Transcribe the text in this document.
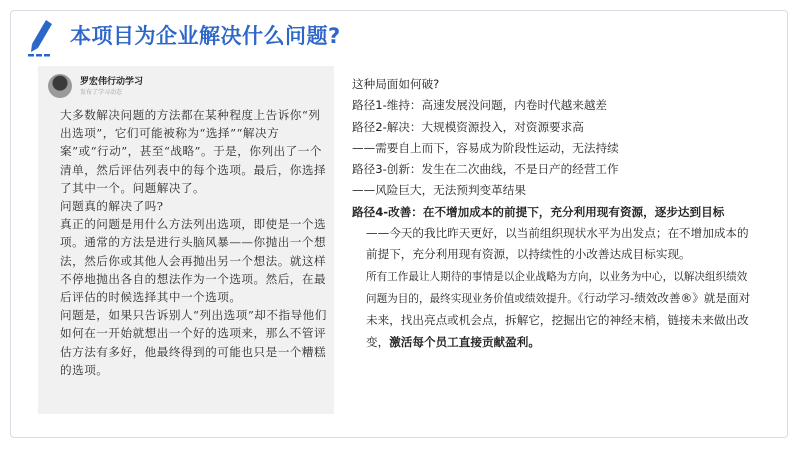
本项目为企业解决什么问题?
罗宏伟行动学习
发布了学习动态

大多数解决问题的方法都在某种程度上告诉你“列出选项”，它们可能被称为“选择”“解决方案”或“行动”，甚至“战略”。于是，你列出了一个清单，然后评估列表中的每个选项。最后，你选择了其中一个。问题解决了。

问题真的解决了吗?

真正的问题是用什么方法列出选项，即使是一个选项。通常的方法是进行头脑风暴——你抛出一个想法，然后你或其他人会再抛出另一个想法。就这样不停地抛出各自的想法作为一个选项。然后，在最后评估的时候选择其中一个选项。

问题是，如果只告诉别人“列出选项”却不指导他们如何在一开始就想出一个好的选项来，那么不管评估方法有多好，他最终得到的可能也只是一个糟糕的选项。

这种局面如何破?

路径1-维持：高速发展没问题，内卷时代越来越差

路径2-解决：大规模资源投入，对资源要求高

——需要自上而下，容易成为阶段性运动，无法持续

路径3-创新：发生在二次曲线，不是日产的经营工作

——风险巨大，无法预判变革结果

路径4-改善：在不增加成本的前提下，充分利用现有资源，逐步达到目标

——今天的我比昨天更好，以当前组织现状水平为出发点；在不增加成本的前提下，充分利用现有资源，以持续性的小改善达成目标实现。

所有工作最让人期待的事情是以企业战略为方向，以业务为中心，以解决组织绩效问题为目的，最终实现业务价值或绩效提升。《行动学习-绩效改善®》就是面对未来，找出亮点或机会点，拆解它，挖掘出它的神经末梢，链接未来做出改变，激活每个员工直接贡献盈利。
